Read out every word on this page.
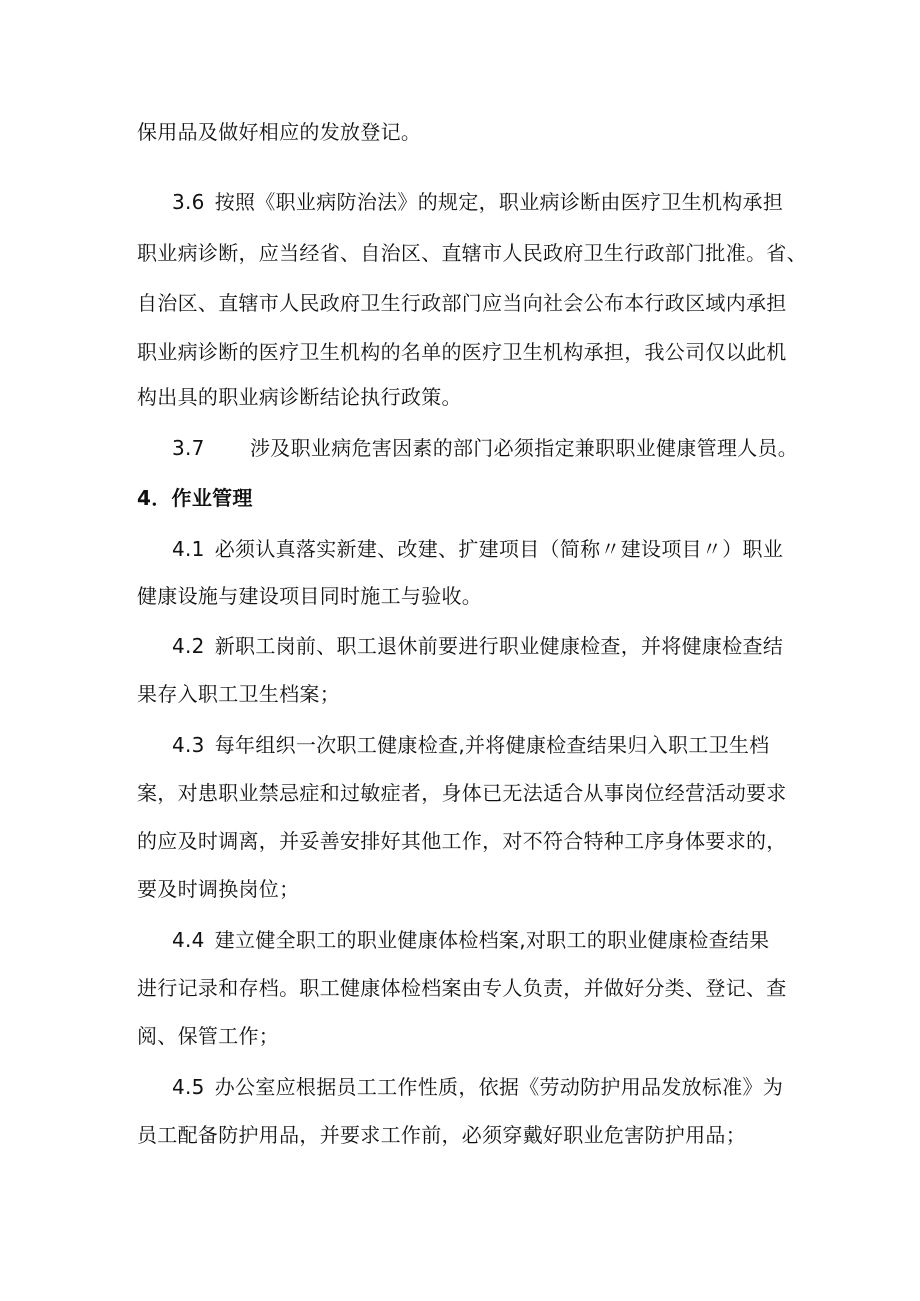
保用品及做好相应的发放登记。
3.6 按照《职业病防治法》的规定，职业病诊断由医疗卫生机构承担
职业病诊断，应当经省、自治区、直辖市人民政府卫生行政部门批准。省、
自治区、直辖市人民政府卫生行政部门应当向社会公布本行政区域内承担
职业病诊断的医疗卫生机构的名单的医疗卫生机构承担，我公司仅以此机
构出具的职业病诊断结论执行政策。
3.7 涉及职业病危害因素的部门必须指定兼职职业健康管理人员。
4．作业管理
4.1 必须认真落实新建、改建、扩建项目（简称〃建设项目〃）职业
健康设施与建设项目同时施工与验收。
4.2 新职工岗前、职工退休前要进行职业健康检查，并将健康检查结
果存入职工卫生档案；
4.3 每年组织一次职工健康检查,并将健康检查结果归入职工卫生档
案，对患职业禁忌症和过敏症者，身体已无法适合从事岗位经营活动要求
的应及时调离，并妥善安排好其他工作，对不符合特种工序身体要求的，
要及时调换岗位；
4.4 建立健全职工的职业健康体检档案,对职工的职业健康检查结果
进行记录和存档。职工健康体检档案由专人负责，并做好分类、登记、查
阅、保管工作；
4.5 办公室应根据员工工作性质，依据《劳动防护用品发放标准》为
员工配备防护用品，并要求工作前，必须穿戴好职业危害防护用品；
